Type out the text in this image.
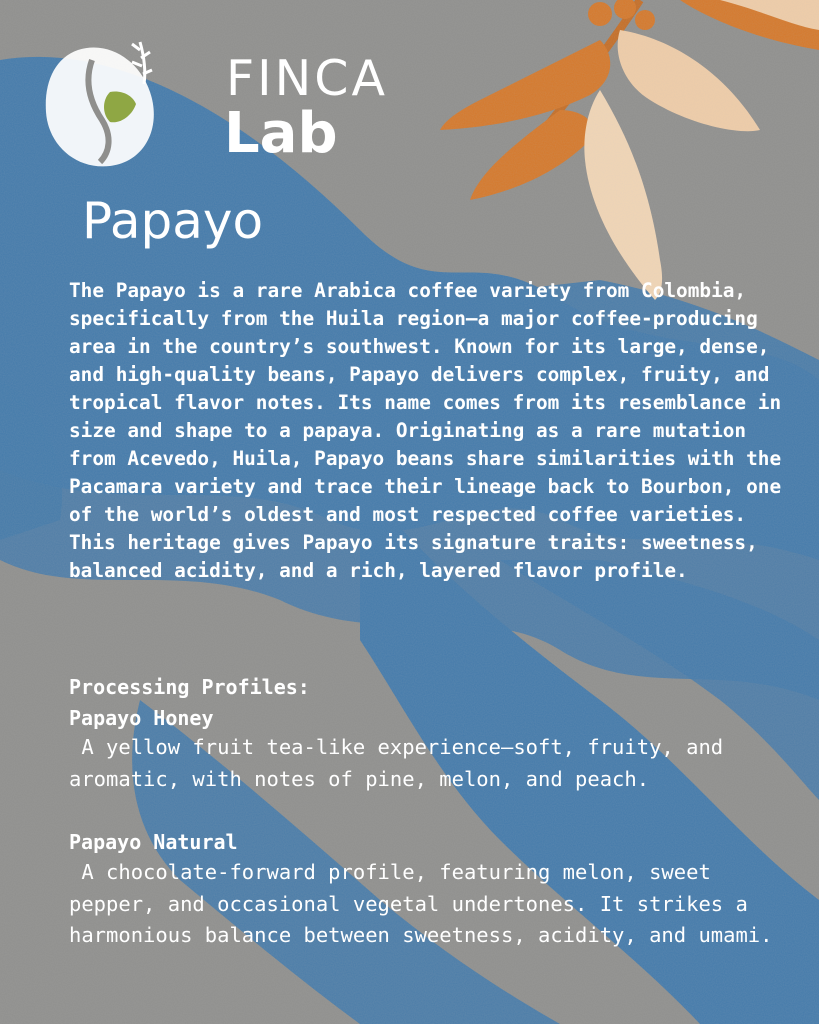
FINCA
Lab
Papayo

The Papayo is a rare Arabica coffee variety from Colombia, specifically from the Huila region—a major coffee-producing area in the country’s southwest. Known for its large, dense, and high-quality beans, Papayo delivers complex, fruity, and tropical flavor notes. Its name comes from its resemblance in size and shape to a papaya. Originating as a rare mutation from Acevedo, Huila, Papayo beans share similarities with the Pacamara variety and trace their lineage back to Bourbon, one of the world’s oldest and most respected coffee varieties. This heritage gives Papayo its signature traits: sweetness, balanced acidity, and a rich, layered flavor profile.

Processing Profiles:
Papayo Honey

A yellow fruit tea-like experience—soft, fruity, and aromatic, with notes of pine, melon, and peach.

Papayo Natural

A chocolate-forward profile, featuring melon, sweet pepper, and occasional vegetal undertones. It strikes a harmonious balance between sweetness, acidity, and umami.
